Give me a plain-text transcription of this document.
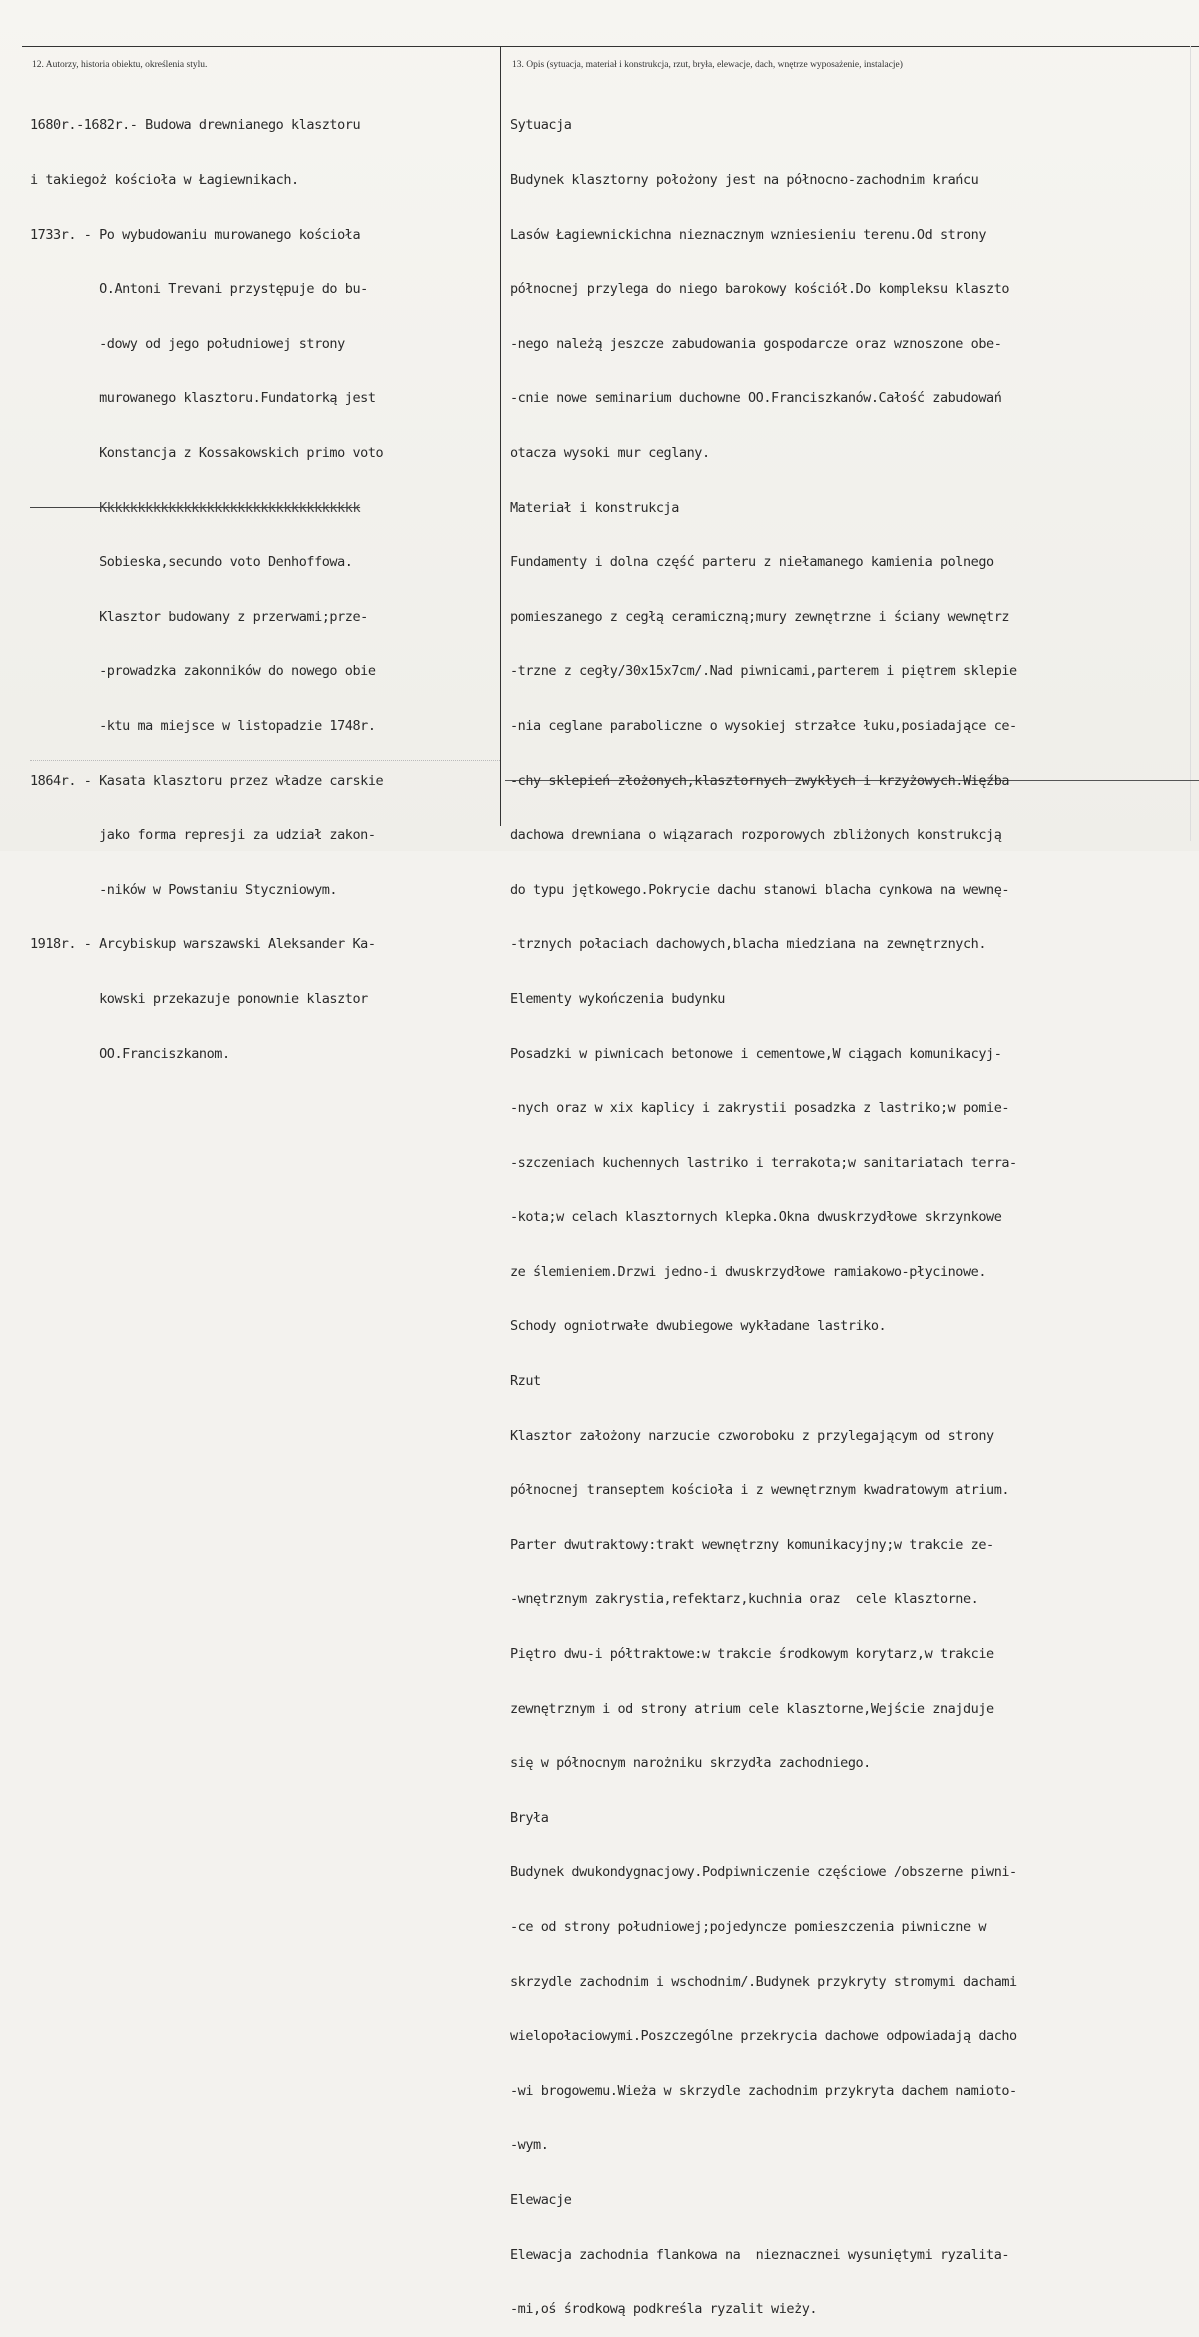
12. Autorzy, historia obiektu, określenia stylu.	13. Opis (sytuacja, materiał i konstrukcja, rzut, bryła, elewacje, dach, wnętrze wyposażenie, instalacje)

1680r.-1682r.- Budowa drewnianego klasztoru

i takiegoż kościoła w Łagiewnikach.

1733r. - Po wybudowaniu murowanego kościoła

O.Antoni Trevani przystępuje do bu-

-dowy od jego południowej strony

murowanego klasztoru.Fundatorką jest

Konstancja z Kossakowskich primo voto

Kkkkkkkkkkkkkkkkkkkkkkkkkkkkkkkkkk

Sobieska,secundo voto Denhoffowa.

Klasztor budowany z przerwami;prze-

-prowadzka zakonników do nowego obie

-ktu ma miejsce w listopadzie 1748r.

1864r. - Kasata klasztoru przez władze carskie

jako forma represji za udział zakon-

-ników w Powstaniu Styczniowym.

1918r. - Arcybiskup warszawski Aleksander Ka-

kowski przekazuje ponownie klasztor

OO.Franciszkanom.

Sytuacja

Budynek klasztorny położony jest na północno-zachodnim krańcu

Lasów Łagiewnickichna nieznacznym wzniesieniu terenu.Od strony

północnej przylega do niego barokowy kościół.Do kompleksu klaszto

-nego należą jeszcze zabudowania gospodarcze oraz wznoszone obe-

-cnie nowe seminarium duchowne OO.Franciszkanów.Całość zabudowań

otacza wysoki mur ceglany.

Materiał i konstrukcja

Fundamenty i dolna część parteru z niełamanego kamienia polnego

pomieszanego z cegłą ceramiczną;mury zewnętrzne i ściany wewnętrz

-trzne z cegły/30x15x7cm/.Nad piwnicami,parterem i piętrem sklepie

-nia ceglane paraboliczne o wysokiej strzałce łuku,posiadające ce-

-chy sklepień złożonych,klasztornych zwykłych i krzyżowych.Więźba

dachowa drewniana o wiązarach rozporowych zbliżonych konstrukcją

do typu jętkowego.Pokrycie dachu stanowi blacha cynkowa na wewnę-

-trznych połaciach dachowych,blacha miedziana na zewnętrznych.

Elementy wykończenia budynku

Posadzki w piwnicach betonowe i cementowe,W ciągach komunikacyj-

-nych oraz w xix kaplicy i zakrystii posadzka z lastriko;w pomie-

-szczeniach kuchennych lastriko i terrakota;w sanitariatach terra-

-kota;w celach klasztornych klepka.Okna dwuskrzydłowe skrzynkowe

ze ślemieniem.Drzwi jedno-i dwuskrzydłowe ramiakowo-płycinowe.

Schody ogniotrwałe dwubiegowe wykładane lastriko.

Rzut

Klasztor założony narzucie czworoboku z przylegającym od strony

północnej transeptem kościoła i z wewnętrznym kwadratowym atrium.

Parter dwutraktowy:trakt wewnętrzny komunikacyjny;w trakcie ze-

-wnętrznym zakrystia,refektarz,kuchnia oraz  cele klasztorne.

Piętro dwu-i półtraktowe:w trakcie środkowym korytarz,w trakcie

zewnętrznym i od strony atrium cele klasztorne,Wejście znajduje

się w północnym narożniku skrzydła zachodniego.

Bryła

Budynek dwukondygnacjowy.Podpiwniczenie częściowe /obszerne piwni-

-ce od strony południowej;pojedyncze pomieszczenia piwniczne w

skrzydle zachodnim i wschodnim/.Budynek przykryty stromymi dachami

wielopołaciowymi.Poszczególne przekrycia dachowe odpowiadają dacho

-wi brogowemu.Wieża w skrzydle zachodnim przykryta dachem namioto-

-wym.

Elewacje

Elewacja zachodnia flankowa na  nieznacznei wysuniętymi ryzalita-

-mi,oś środkową podkreśla ryzalit wieży.
